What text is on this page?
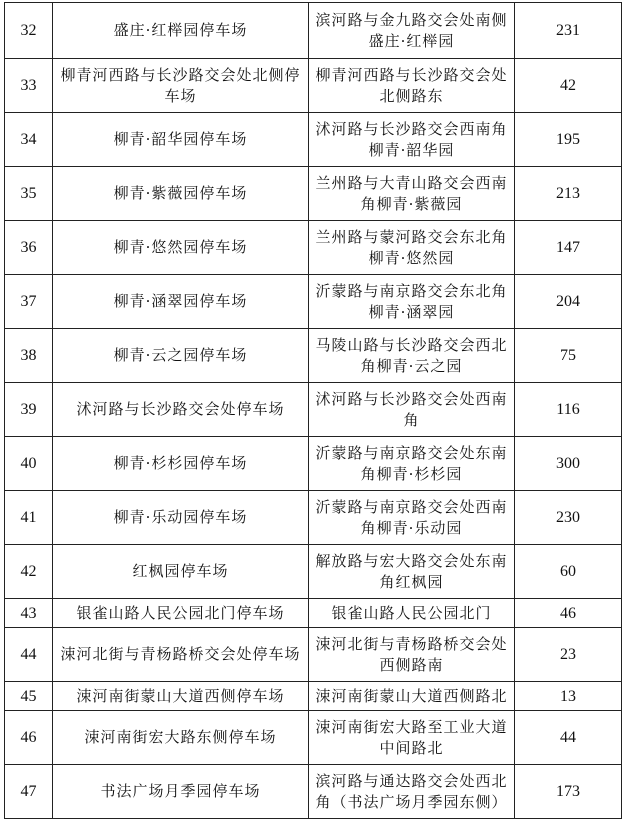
32	盛庄·红榉园停车场	滨河路与金九路交会处南侧盛庄·红榉园	231
33	柳青河西路与长沙路交会处北侧停车场	柳青河西路与长沙路交会处北侧路东	42
34	柳青·韶华园停车场	沭河路与长沙路交会西南角柳青·韶华园	195
35	柳青·紫薇园停车场	兰州路与大青山路交会西南角柳青·紫薇园	213
36	柳青·悠然园停车场	兰州路与蒙河路交会东北角柳青·悠然园	147
37	柳青·涵翠园停车场	沂蒙路与南京路交会东北角柳青·涵翠园	204
38	柳青·云之园停车场	马陵山路与长沙路交会西北角柳青·云之园	75
39	沭河路与长沙路交会处停车场	沭河路与长沙路交会处西南角	116
40	柳青·杉杉园停车场	沂蒙路与南京路交会处东南角柳青·杉杉园	300
41	柳青·乐动园停车场	沂蒙路与南京路交会处西南角柳青·乐动园	230
42	红枫园停车场	解放路与宏大路交会处东南角红枫园	60
43	银雀山路人民公园北门停车场	银雀山路人民公园北门	46
44	涑河北街与青杨路桥交会处停车场	涑河北街与青杨路桥交会处西侧路南	23
45	涑河南街蒙山大道西侧停车场	涑河南街蒙山大道西侧路北	13
46	涑河南街宏大路东侧停车场	涑河南街宏大路至工业大道中间路北	44
47	书法广场月季园停车场	滨河路与通达路交会处西北角（书法广场月季园东侧）	173
